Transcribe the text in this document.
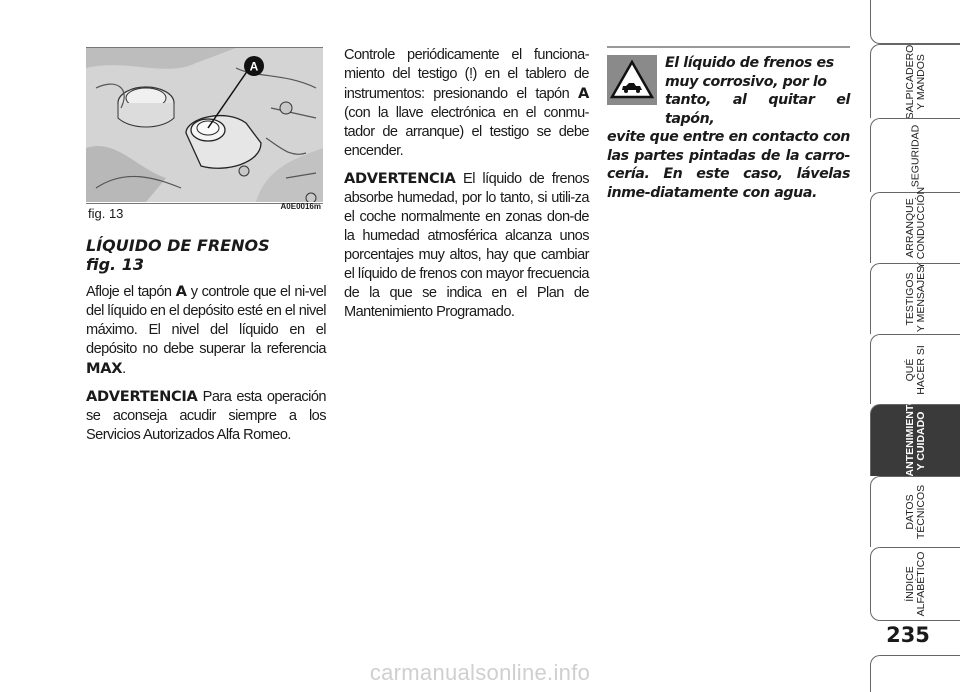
A
fig. 13	A0E0016m
LÍQUIDO DE FRENOS
fig. 13

Afloje el tapón A y controle que el ni-vel del líquido en el depósito esté en el nivel máximo. El nivel del líquido en el depósito no debe superar la referencia MAX.

ADVERTENCIA Para esta operación se aconseja acudir siempre a los Servicios Autorizados Alfa Romeo.

Controle periódicamente el funciona-miento del testigo (!) en el tablero de instrumentos: presionando el tapón A (con la llave electrónica en el conmu-tador de arranque) el testigo se debe encender.

ADVERTENCIA El líquido de frenos absorbe humedad, por lo tanto, si utili-za el coche normalmente en zonas don-de la humedad atmosférica alcanza unos porcentajes muy altos, hay que cambiar el líquido de frenos con mayor frecuencia de la que se indica en el Plan de Mantenimiento Programado.

El líquido de frenos es
muy corrosivo, por lo
tanto, al quitar el tapón,
evite que entre en contacto con las partes pintadas de la carro-cería. En este caso, lávelas inme-diatamente con agua.
SALPICADERO
Y MANDOS
SEGURIDAD
ARRANQUE
Y CONDUCCIÓN
TESTIGOS
Y MENSAJES
QUÉ
HACER SI
MANTENIMIENTO
Y CUIDADO
DATOS
TÉCNICOS
ÍNDICE
ALFABÉTICO
235
carmanualsonline.info
